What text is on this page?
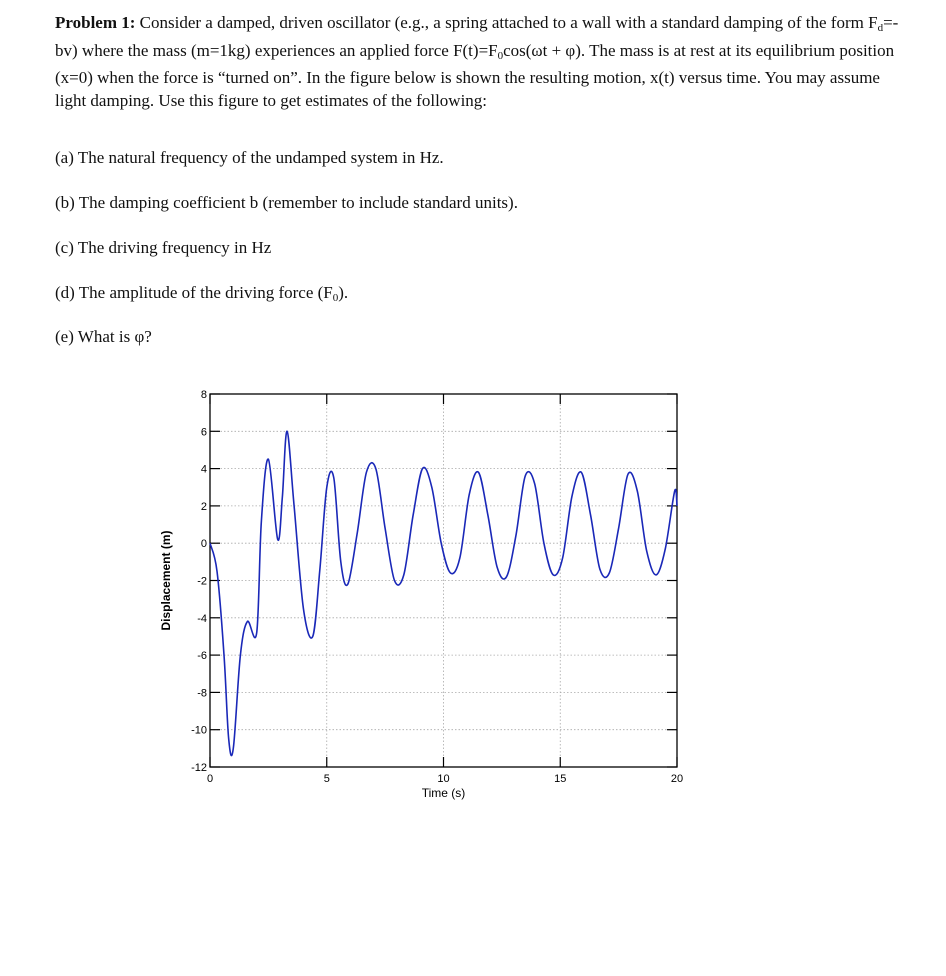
Problem 1: Consider a damped, driven oscillator (e.g., a spring attached to a wall with a standard damping of the form $F_d=-bv$) where the mass (m=1kg) experiences an applied force $F(t)=F_0\cos(\omega t + \varphi)$. The mass is at rest at its equilibrium position (x=0) when the force is “turned on”. In the figure below is shown the resulting motion, x(t) versus time. You may assume light damping. Use this figure to get estimates of the following:
(a) The natural frequency of the undamped system in Hz.
(b) The damping coefficient b (remember to include standard units).
(c) The driving frequency in Hz
(d) The amplitude of the driving force $(F_0)$.
(e) What is φ?
0	5	10	15	20
8
6
4
2
0
-2
-4
-6
-8
-10
-12
Time (s)
Displacement (m)
